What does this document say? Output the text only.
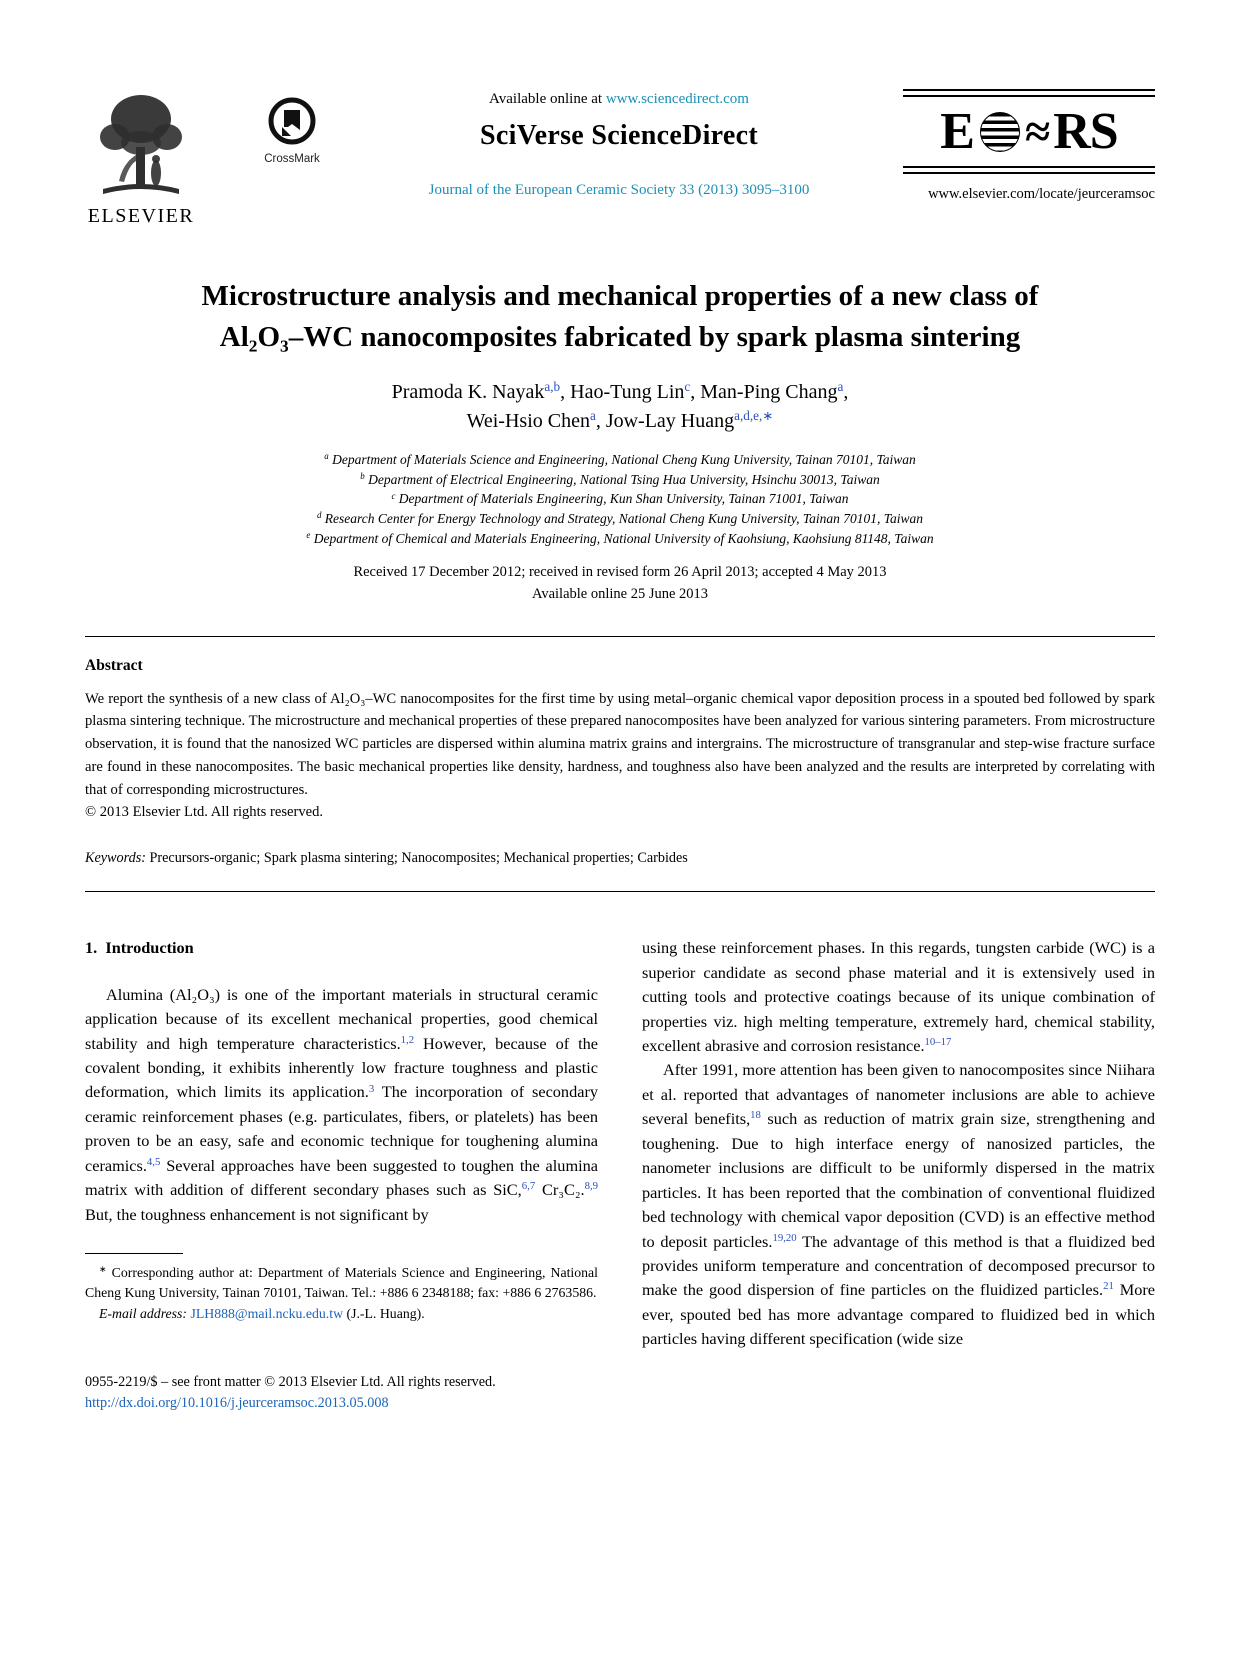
ELSEVIER
CrossMark
Available online at www.sciencedirect.com
SciVerse ScienceDirect
Journal of the European Ceramic Society 33 (2013) 3095–3100
E ≈ RS
www.elsevier.com/locate/jeurceramsoc
Microstructure analysis and mechanical properties of a new class of
Al₂O₃–WC nanocomposites fabricated by spark plasma sintering
Pramoda K. Nayak$^{a,b}$, Hao-Tung Lin$^c$, Man-Ping Chang$^a$,
Wei-Hsio Chen$^a$, Jow-Lay Huang$^{a,d,e,∗}$
$^a$ Department of Materials Science and Engineering, National Cheng Kung University, Tainan 70101, Taiwan
$^b$ Department of Electrical Engineering, National Tsing Hua University, Hsinchu 30013, Taiwan
$^c$ Department of Materials Engineering, Kun Shan University, Tainan 71001, Taiwan
$^d$ Research Center for Energy Technology and Strategy, National Cheng Kung University, Tainan 70101, Taiwan
$^e$ Department of Chemical and Materials Engineering, National University of Kaohsiung, Kaohsiung 81148, Taiwan
Received 17 December 2012; received in revised form 26 April 2013; accepted 4 May 2013
Available online 25 June 2013
Abstract

We report the synthesis of a new class of Al₂O₃–WC nanocomposites for the first time by using metal–organic chemical vapor deposition process in a spouted bed followed by spark plasma sintering technique. The microstructure and mechanical properties of these prepared nanocomposites have been analyzed for various sintering parameters. From microstructure observation, it is found that the nanosized WC particles are dispersed within alumina matrix grains and intergrains. The microstructure of transgranular and step-wise fracture surface are found in these nanocomposites. The basic mechanical properties like density, hardness, and toughness also have been analyzed and the results are interpreted by correlating with that of corresponding microstructures.

© 2013 Elsevier Ltd. All rights reserved.

Keywords: Precursors-organic; Spark plasma sintering; Nanocomposites; Mechanical properties; Carbides

1.  Introduction

Alumina (Al₂O₃) is one of the important materials in structural ceramic application because of its excellent mechanical properties, good chemical stability and high temperature characteristics.$^{1,2}$ However, because of the covalent bonding, it exhibits inherently low fracture toughness and plastic deformation, which limits its application.$^3$ The incorporation of secondary ceramic reinforcement phases (e.g. particulates, fibers, or platelets) has been proven to be an easy, safe and economic technique for toughening alumina ceramics.$^{4,5}$ Several approaches have been suggested to toughen the alumina matrix with addition of different secondary phases such as SiC,$^{6,7}$ Cr₃C₂.$^{8,9}$ But, the toughness enhancement is not significant by

∗ Corresponding author at: Department of Materials Science and Engineering, National Cheng Kung University, Tainan 70101, Taiwan. Tel.: +886 6 2348188; fax: +886 6 2763586.

E-mail address: JLH888@mail.ncku.edu.tw (J.-L. Huang).

0955-2219/$ – see front matter © 2013 Elsevier Ltd. All rights reserved.

http://dx.doi.org/10.1016/j.jeurceramsoc.2013.05.008

using these reinforcement phases. In this regards, tungsten carbide (WC) is a superior candidate as second phase material and it is extensively used in cutting tools and protective coatings because of its unique combination of properties viz. high melting temperature, extremely hard, chemical stability, excellent abrasive and corrosion resistance.$^{10-17}$

After 1991, more attention has been given to nanocomposites since Niihara et al. reported that advantages of nanometer inclusions are able to achieve several benefits,$^{18}$ such as reduction of matrix grain size, strengthening and toughening. Due to high interface energy of nanosized particles, the nanometer inclusions are difficult to be uniformly dispersed in the matrix particles. It has been reported that the combination of conventional fluidized bed technology with chemical vapor deposition (CVD) is an effective method to deposit particles.$^{19,20}$ The advantage of this method is that a fluidized bed provides uniform temperature and concentration of decomposed precursor to make the good dispersion of fine particles on the fluidized particles.$^{21}$ More ever, spouted bed has more advantage compared to fluidized bed in which particles having different specification (wide size
